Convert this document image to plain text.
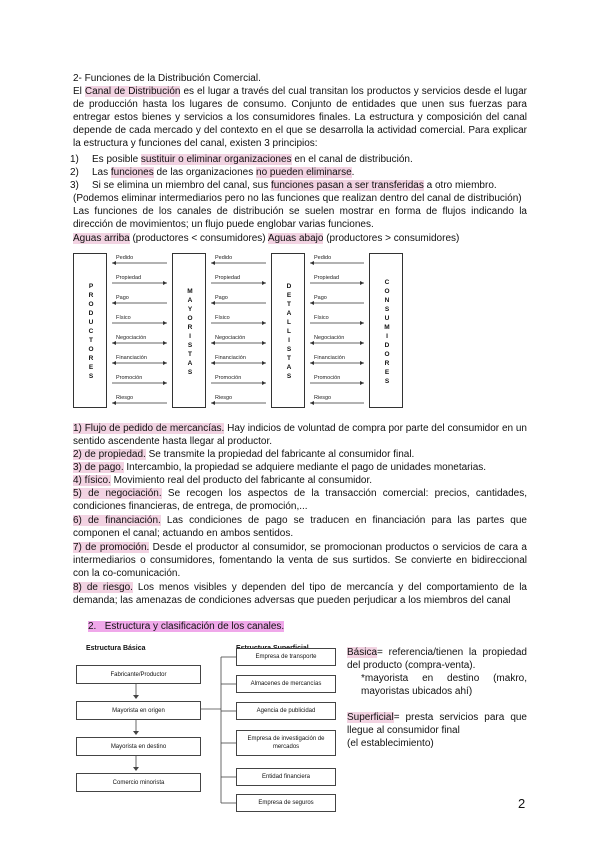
2- Funciones de la Distribución Comercial.
El Canal de Distribución es el lugar a través del cual transitan los productos y servicios desde el lugar de producción hasta los lugares de consumo. Conjunto de entidades que unen sus fuerzas para entregar estos bienes y servicios a los consumidores finales. La estructura y composición del canal depende de cada mercado y del contexto en el que se desarrolla la actividad comercial. Para explicar la estructura y funciones del canal, existen 3 principios:
1) Es posible sustituir o eliminar organizaciones en el canal de distribución.
2) Las funciones de las organizaciones no pueden eliminarse.
3) Si se elimina un miembro del canal, sus funciones pasan a ser transferidas a otro miembro.
(Podemos eliminar intermediarios pero no las funciones que realizan dentro del canal de distribución)
Las funciones de los canales de distribución se suelen mostrar en forma de flujos indicando la dirección de movimientos; un flujo puede englobar varias funciones.
Aguas arriba (productores < consumidores) Aguas abajo (productores > consumidores)
P
R
O
D
U
C
T
O
R
E
S
M
A
Y
O
R
I
S
T
A
S
D
E
T
A
L
L
I
S
T
A
S
C
O
N
S
U
M
I
D
O
R
E
S
Pedido
Propiedad
Pago
Físico
Negociación
Financiación
Promoción
Riesgo
Pedido
Propiedad
Pago
Físico
Negociación
Financiación
Promoción
Riesgo
Pedido
Propiedad
Pago
Físico
Negociación
Financiación
Promoción
Riesgo
1) Flujo de pedido de mercancías. Hay indicios de voluntad de compra por parte del consumidor en un sentido ascendente hasta llegar al productor.
2) de propiedad. Se transmite la propiedad del fabricante al consumidor final.
3) de pago. Intercambio, la propiedad se adquiere mediante el pago de unidades monetarias.
4) físico. Movimiento real del producto del fabricante al consumidor.
5) de negociación. Se recogen los aspectos de la transacción comercial: precios, cantidades, condiciones financieras, de entrega, de promoción,...
6) de financiación. Las condiciones de pago se traducen en financiación para las partes que componen el canal; actuando en ambos sentidos.
7) de promoción. Desde el productor al consumidor, se promocionan productos o servicios de cara a intermediarios o consumidores, fomentando la venta de sus surtidos. Se convierte en bidireccional con la co-comunicación.
8) de riesgo. Los menos visibles y dependen del tipo de mercancía y del comportamiento de la demanda; las amenazas de condiciones adversas que pueden perjudicar a los miembros del canal
2. Estructura y clasificación de los canales.
Estructura Básica
Fabricante/Productor
Mayorista en origen
Mayorista en destino
Comercio minorista
Empresa de transporte
Almacenes de mercancías
Agencia de publicidad
Empresa de investigación de mercados
Entidad financiera
Empresa de seguros
Básica= referencia/tienen la propiedad del producto (compra-venta).
*mayorista en destino (makro, mayoristas ubicados ahí)
Superficial= presta servicios para que llegue al consumidor final
(el establecimiento)
2
